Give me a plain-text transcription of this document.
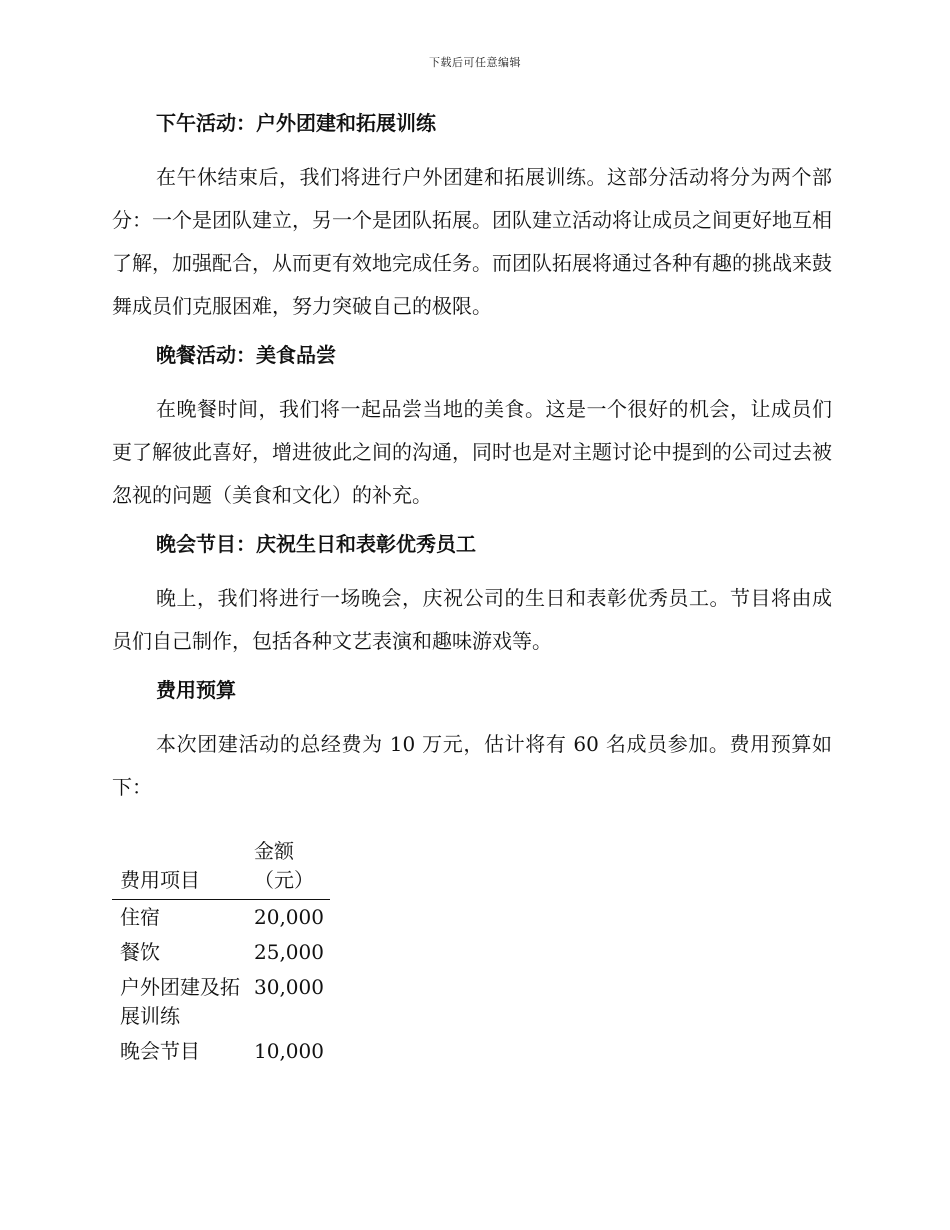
下载后可任意编辑
下午活动：户外团建和拓展训练

在午休结束后，我们将进行户外团建和拓展训练。这部分活动将分为两个部分：一个是团队建立，另一个是团队拓展。团队建立活动将让成员之间更好地互相了解，加强配合，从而更有效地完成任务。而团队拓展将通过各种有趣的挑战来鼓舞成员们克服困难，努力突破自己的极限。

晚餐活动：美食品尝

在晚餐时间，我们将一起品尝当地的美食。这是一个很好的机会，让成员们更了解彼此喜好，增进彼此之间的沟通，同时也是对主题讨论中提到的公司过去被忽视的问题（美食和文化）的补充。

晚会节目：庆祝生日和表彰优秀员工

晚上，我们将进行一场晚会，庆祝公司的生日和表彰优秀员工。节目将由成员们自己制作，包括各种文艺表演和趣味游戏等。

费用预算

本次团建活动的总经费为 10 万元，估计将有 60 名成员参加。费用预算如下：

费用项目	金额（元）
住宿	20,000
餐饮	25,000
户外团建及拓展训练	30,000
晚会节目	10,000
